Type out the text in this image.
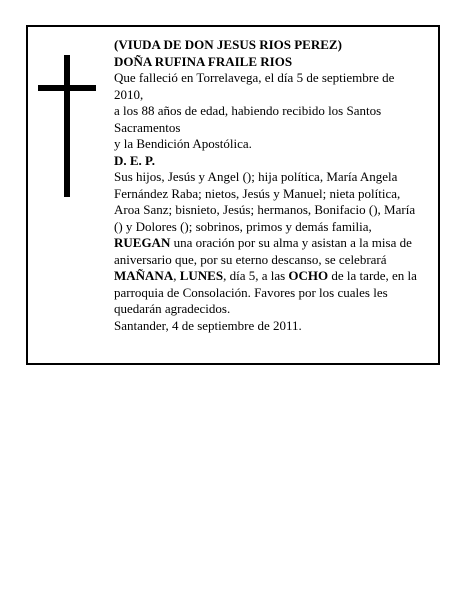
(VIUDA DE DON JESUS RIOS PEREZ)

DOÑA RUFINA FRAILE RIOS

Que falleció en Torrelavega, el día 5 de septiembre de 2010,

a los 88 años de edad, habiendo recibido los Santos Sacramentos

y la Bendición Apostólica.

D. E. P.

Sus hijos, Jesús y Angel (); hija política, María Angela Fernández Raba; nietos, Jesús y Manuel; nieta política, Aroa Sanz; bisnieto, Jesús; hermanos, Bonifacio (), María () y Dolores (); sobrinos, primos y demás familia,

RUEGAN una oración por su alma y asistan a la misa de aniversario que, por su eterno descanso, se celebrará MAÑANA, LUNES, día 5, a las OCHO de la tarde, en la parroquia de Consolación. Favores por los cuales les quedarán agradecidos.

Santander, 4 de septiembre de 2011.
